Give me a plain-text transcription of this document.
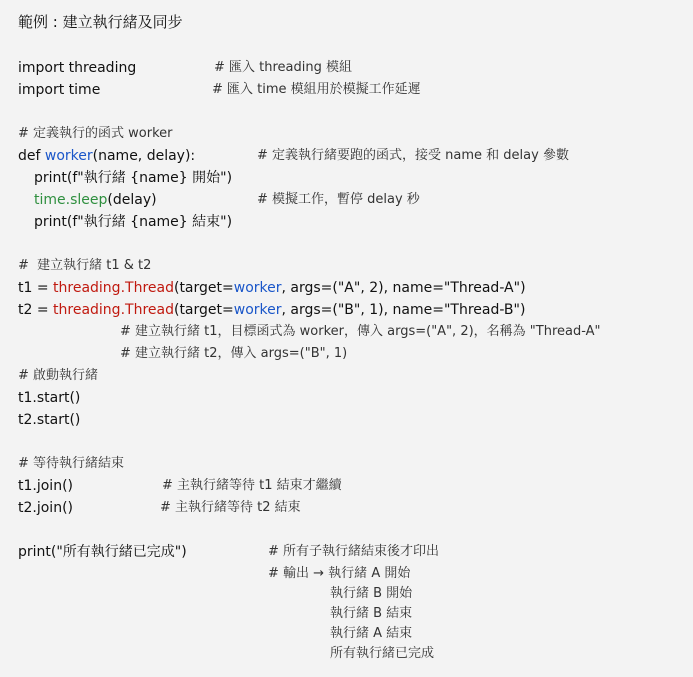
範例 : 建立執行緒及同步
import threading	# 匯入 threading 模組
import time	# 匯入 time 模組用於模擬工作延遲
# 定義執行的函式 worker
def worker(name, delay):	# 定義執行緒要跑的函式，接受 name 和 delay 參數
print(f"執行緒 {name} 開始")
time.sleep(delay)	# 模擬工作，暫停 delay 秒
print(f"執行緒 {name} 結束")
#  建立執行緒 t1 & t2
t1 = threading.Thread(target=worker, args=("A", 2), name="Thread-A")
t2 = threading.Thread(target=worker, args=("B", 1), name="Thread-B")
# 建立執行緒 t1，目標函式為 worker，傳入 args=("A", 2)，名稱為 "Thread-A"
# 建立執行緒 t2，傳入 args=("B", 1)
# 啟動執行緒
t1.start()
t2.start()
# 等待執行緒結束
t1.join()	# 主執行緒等待 t1 結束才繼續
t2.join()	# 主執行緒等待 t2 結束
print("所有執行緒已完成")	# 所有子執行緒結束後才印出
# 輸出 → 執行緒 A 開始
執行緒 B 開始
執行緒 B 結束
執行緒 A 結束
所有執行緒已完成
